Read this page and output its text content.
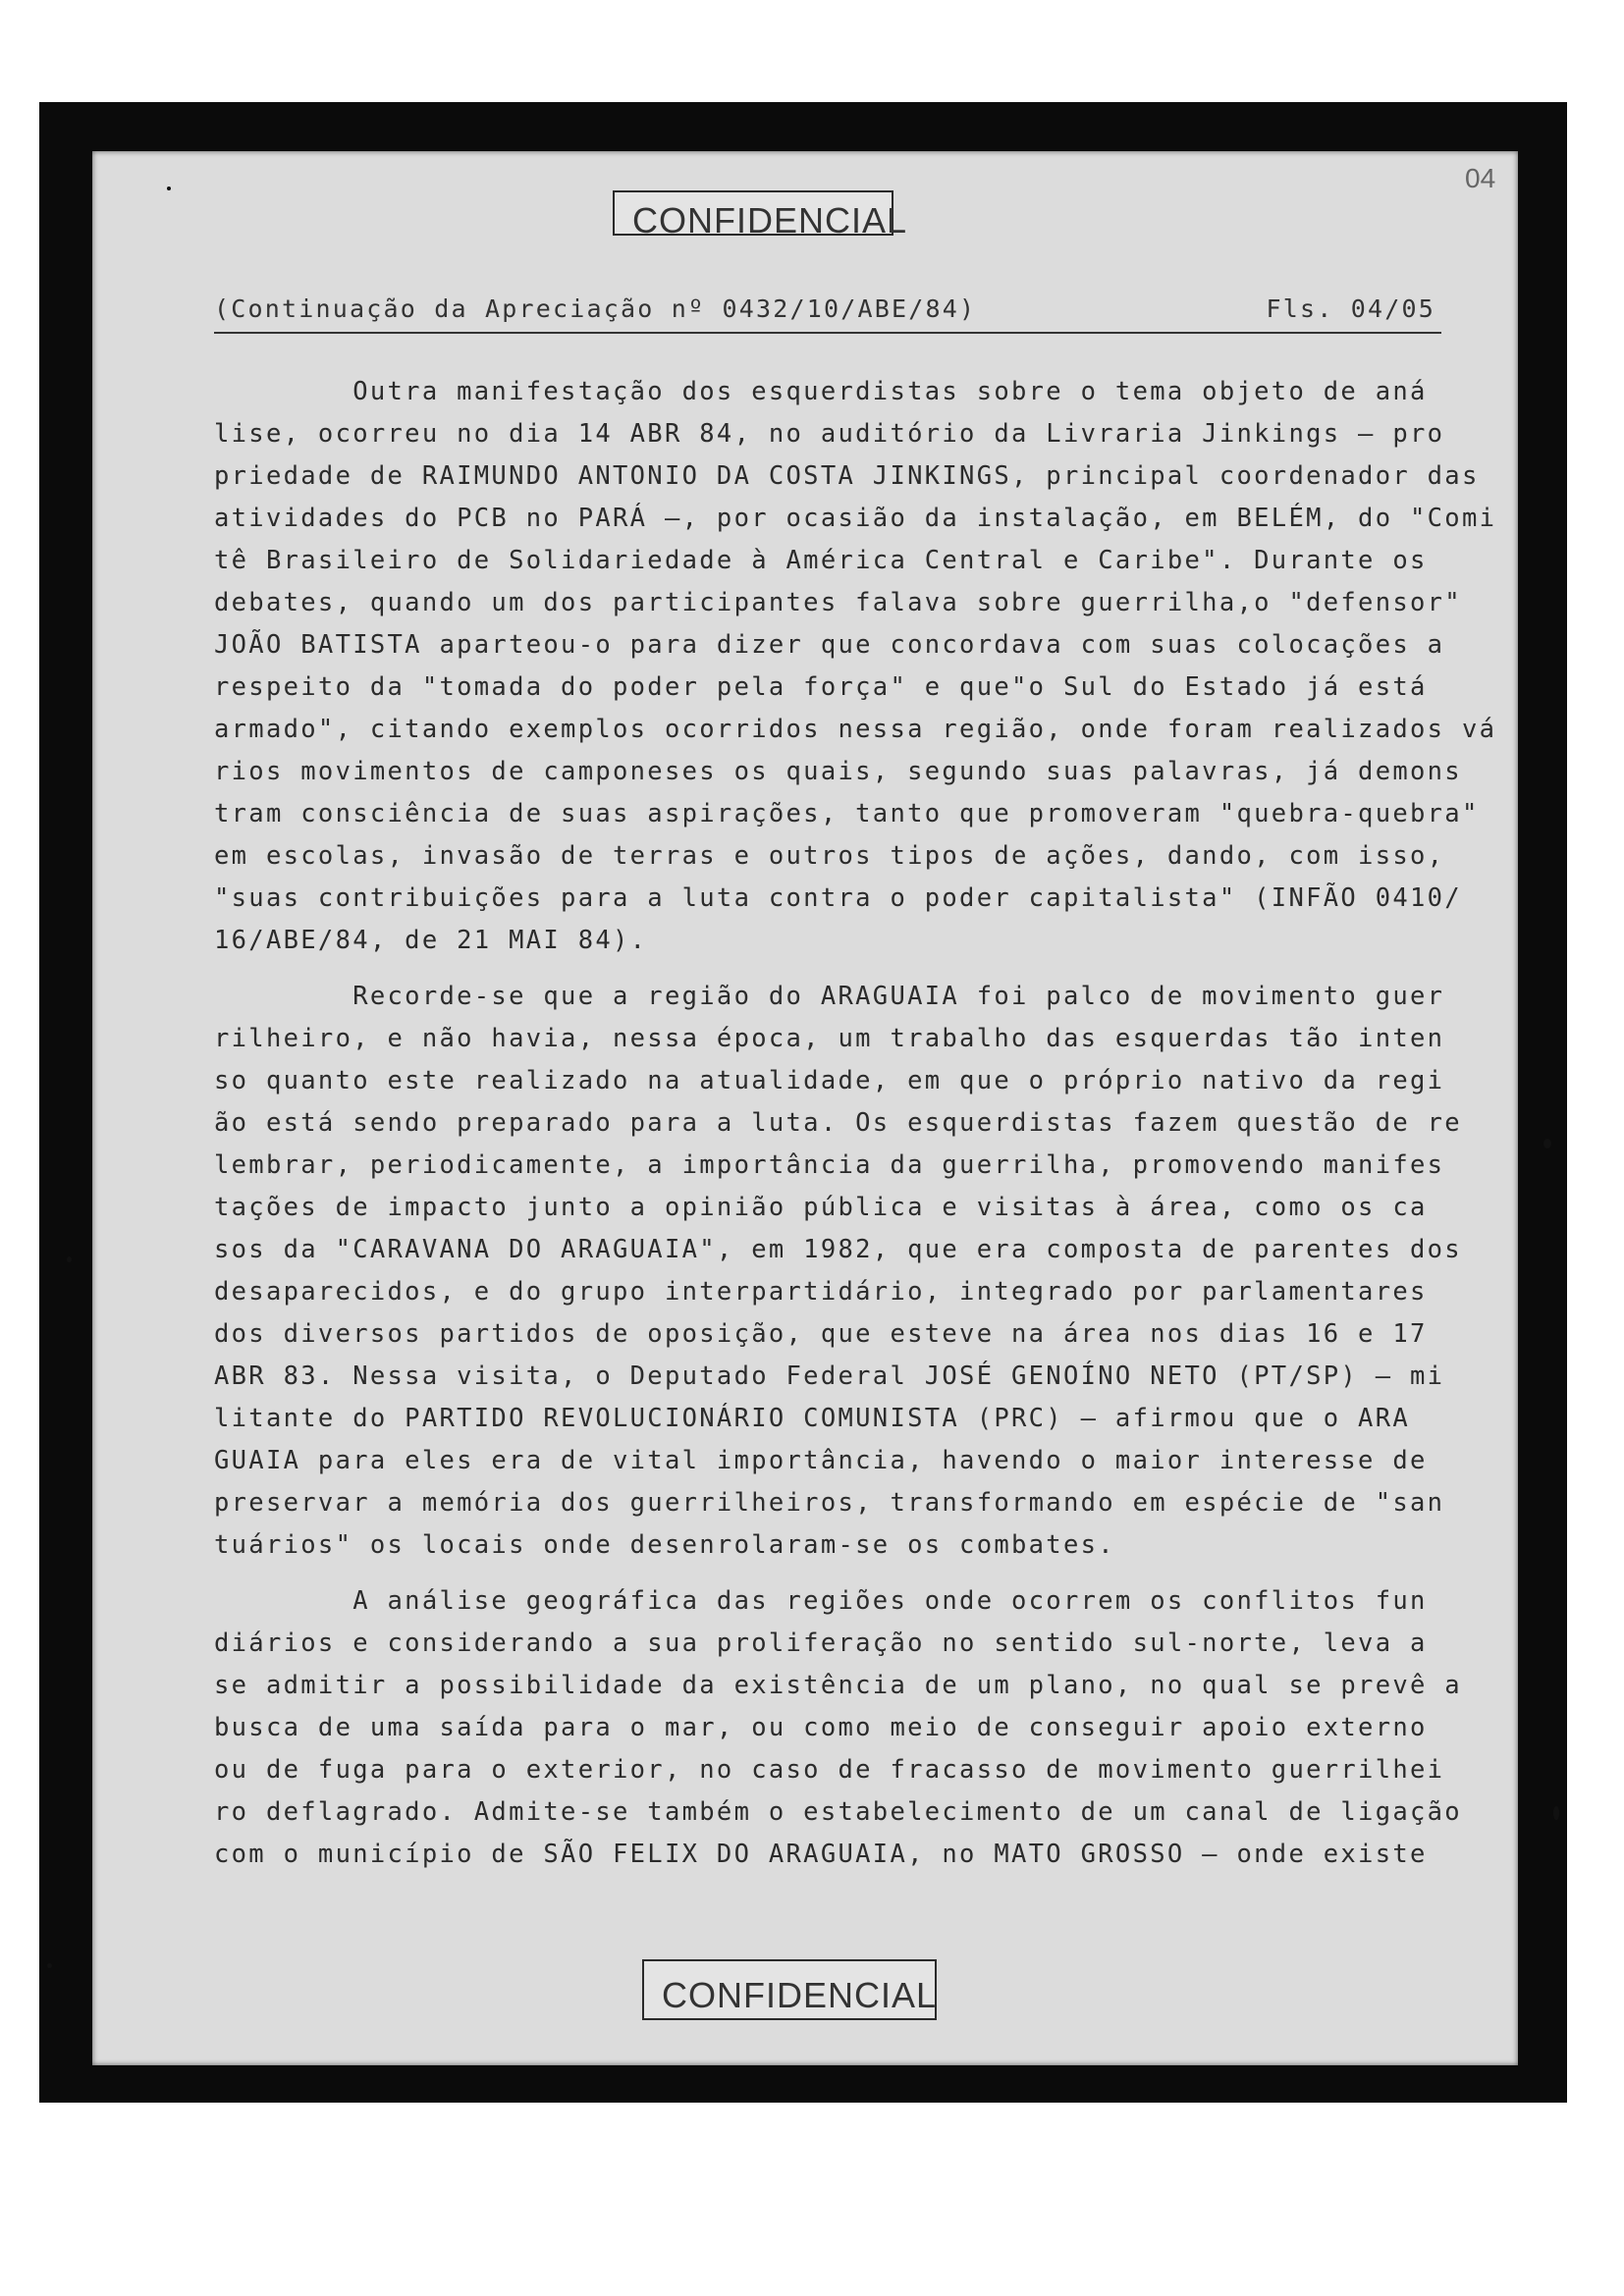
04
CONFIDENCIAL
(Continuação da Apreciação nº 0432/10/ABE/84)	Fls. 04/05
Outra manifestação dos esquerdistas sobre o tema objeto de aná
lise, ocorreu no dia 14 ABR 84, no auditório da Livraria Jinkings — pro
priedade de RAIMUNDO ANTONIO DA COSTA JINKINGS, principal coordenador das
atividades do PCB no PARÁ —, por ocasião da instalação, em BELÉM, do "Comi
tê Brasileiro de Solidariedade à América Central e Caribe". Durante os
debates, quando um dos participantes falava sobre guerrilha,o "defensor"
JOÃO BATISTA aparteou-o para dizer que concordava com suas colocações a
respeito da "tomada do poder pela força" e que"o Sul do Estado já está
armado", citando exemplos ocorridos nessa região, onde foram realizados vá
rios movimentos de camponeses os quais, segundo suas palavras, já demons
tram consciência de suas aspirações, tanto que promoveram "quebra-quebra"
em escolas, invasão de terras e outros tipos de ações, dando, com isso,
"suas contribuições para a luta contra o poder capitalista" (INFÃO 0410/
16/ABE/84, de 21 MAI 84).
Recorde-se que a região do ARAGUAIA foi palco de movimento guer
rilheiro, e não havia, nessa época, um trabalho das esquerdas tão inten
so quanto este realizado na atualidade, em que o próprio nativo da regi
ão está sendo preparado para a luta. Os esquerdistas fazem questão de re
lembrar, periodicamente, a importância da guerrilha, promovendo manifes
tações de impacto junto a opinião pública e visitas à área, como os ca
sos da "CARAVANA DO ARAGUAIA", em 1982, que era composta de parentes dos
desaparecidos, e do grupo interpartidário, integrado por parlamentares
dos diversos partidos de oposição, que esteve na área nos dias 16 e 17
ABR 83. Nessa visita, o Deputado Federal JOSÉ GENOÍNO NETO (PT/SP) — mi
litante do PARTIDO REVOLUCIONÁRIO COMUNISTA (PRC) — afirmou que o ARA
GUAIA para eles era de vital importância, havendo o maior interesse de
preservar a memória dos guerrilheiros, transformando em espécie de "san
tuários" os locais onde desenrolaram-se os combates.
A análise geográfica das regiões onde ocorrem os conflitos fun
diários e considerando a sua proliferação no sentido sul-norte, leva a
se admitir a possibilidade da existência de um plano, no qual se prevê a
busca de uma saída para o mar, ou como meio de conseguir apoio externo
ou de fuga para o exterior, no caso de fracasso de movimento guerrilhei
ro deflagrado. Admite-se também o estabelecimento de um canal de ligação
com o município de SÃO FELIX DO ARAGUAIA, no MATO GROSSO — onde existe
CONFIDENCIAL
